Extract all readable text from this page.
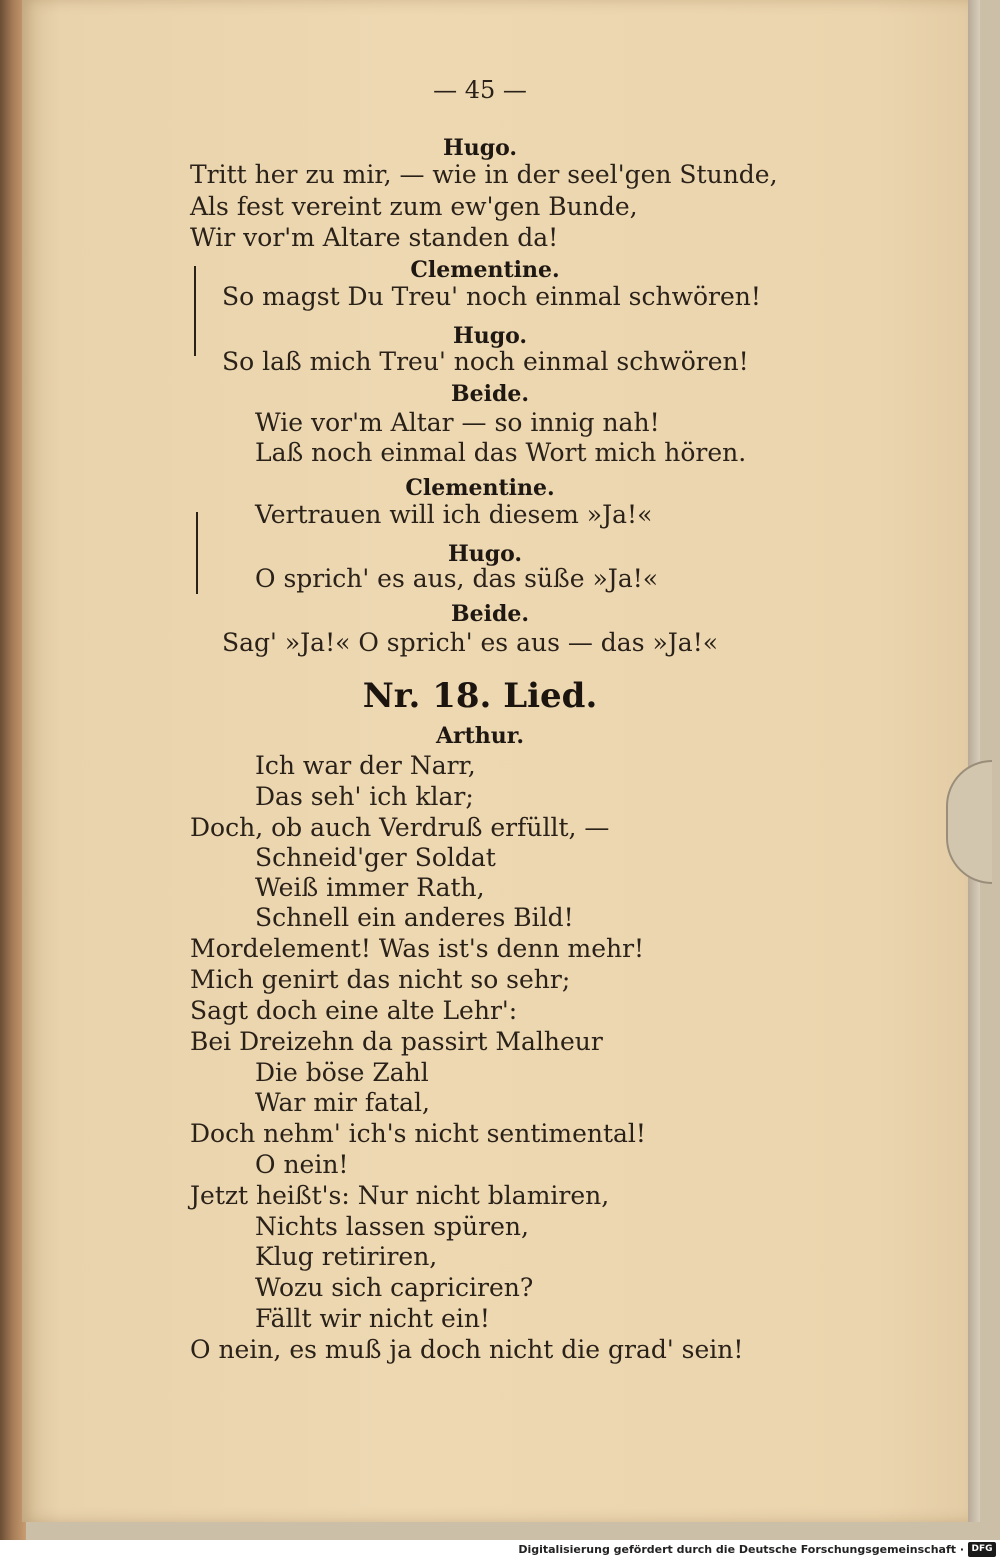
— 45 —
Hugo.
Tritt her zu mir, — wie in der seel'gen Stunde,
Als fest vereint zum ew'gen Bunde,
Wir vor'm Altare standen da!
Clementine.
So magst Du Treu' noch einmal schwören!
Hugo.
So laß mich Treu' noch einmal schwören!
Beide.
Wie vor'm Altar — so innig nah!
Laß noch einmal das Wort mich hören.
Clementine.
Vertrauen will ich diesem »Ja!«
Hugo.
O sprich' es aus, das süße »Ja!«
Beide.
Sag' »Ja!« O sprich' es aus — das »Ja!«
Nr. 18. Lied.
Arthur.
Ich war der Narr,
Das seh' ich klar;
Doch, ob auch Verdruß erfüllt, —
Schneid'ger Soldat
Weiß immer Rath,
Schnell ein anderes Bild!
Mordelement! Was ist's denn mehr!
Mich genirt das nicht so sehr;
Sagt doch eine alte Lehr':
Bei Dreizehn da passirt Malheur
Die böse Zahl
War mir fatal,
Doch nehm' ich's nicht sentimental!
O nein!
Jetzt heißt's: Nur nicht blamiren,
Nichts lassen spüren,
Klug retiriren,
Wozu sich capriciren?
Fällt wir nicht ein!
O nein, es muß ja doch nicht die grad' sein!
Digitalisierung gefördert durch die Deutsche Forschungsgemeinschaft · DFG
